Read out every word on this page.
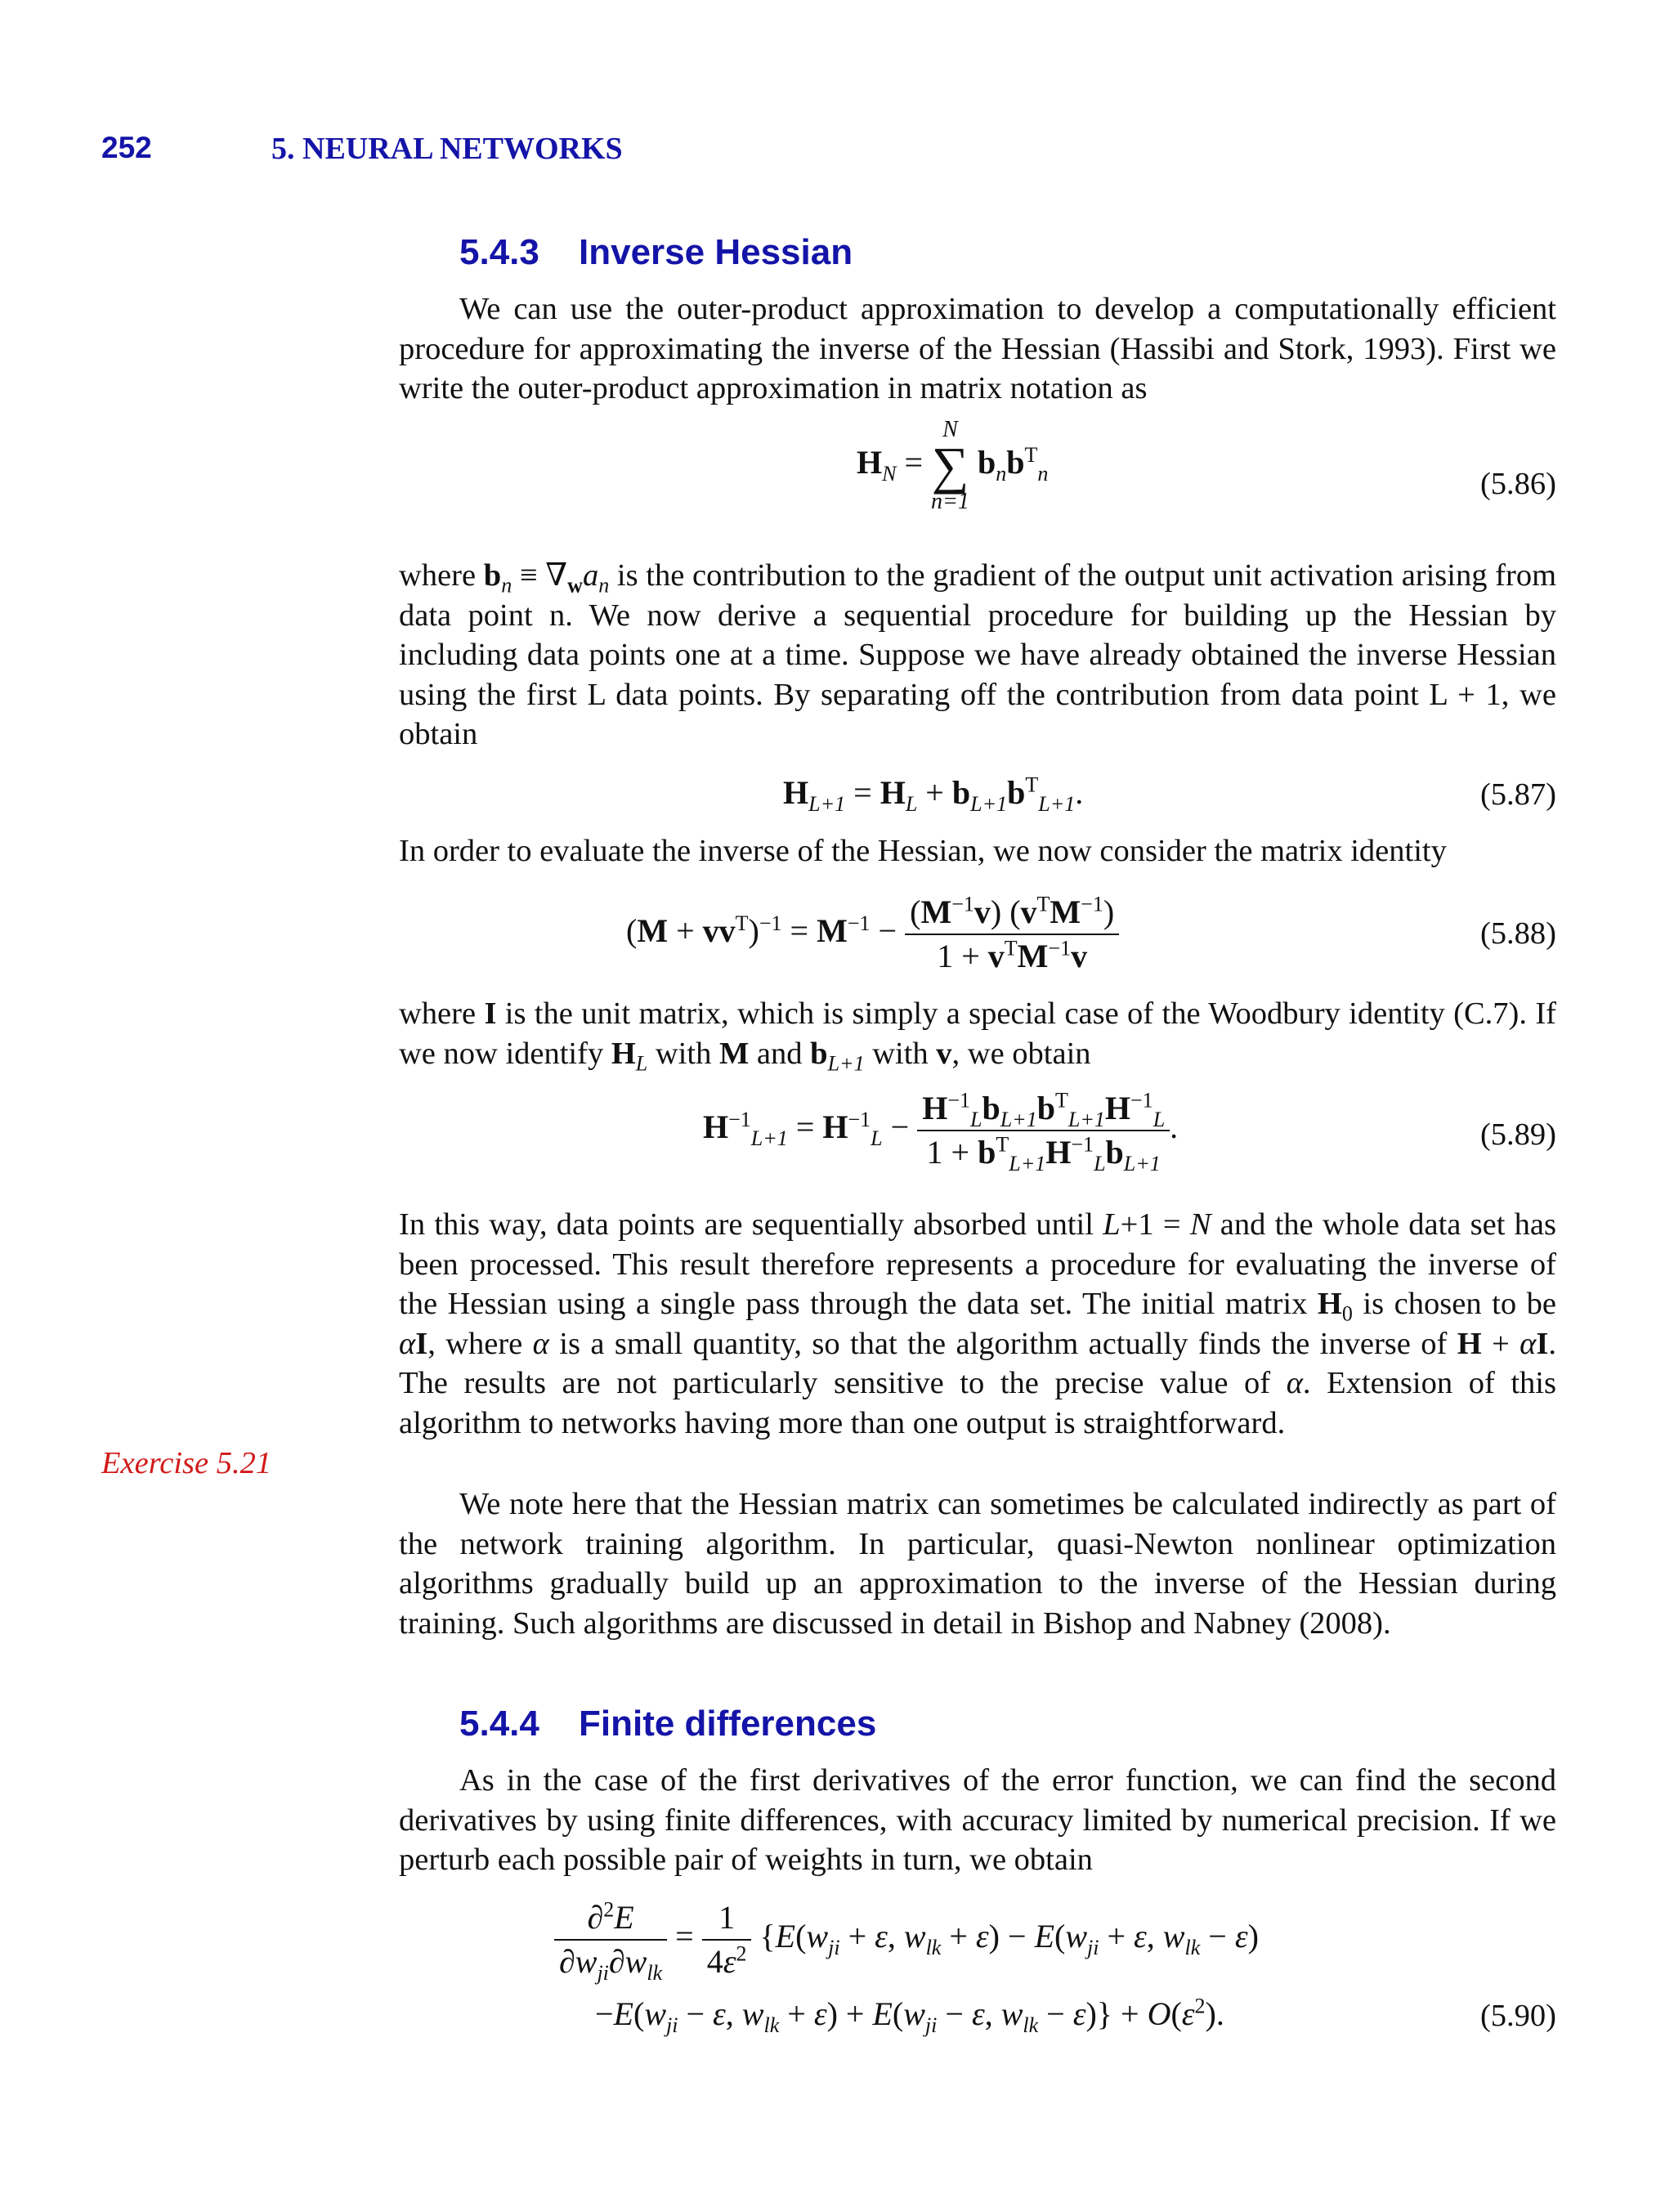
252	5. NEURAL NETWORKS
5.4.3 Inverse Hessian
We can use the outer-product approximation to develop a computationally efficient procedure for approximating the inverse of the Hessian (Hassibi and Stork, 1993). First we write the outer-product approximation in matrix notation as
$H_N$ =
N
∑
n=1
$b_nb^T_n$	(5.86)
where $b_n \equiv \nabla_wa_n$ is the contribution to the gradient of the output unit activation arising from data point n. We now derive a sequential procedure for building up the Hessian by including data points one at a time. Suppose we have already obtained the inverse Hessian using the first L data points. By separating off the contribution from data point L + 1, we obtain
$H_{L+1} = H_L + b_{L+1}b^T_{L+1}$.	(5.87)
In order to evaluate the inverse of the Hessian, we now consider the matrix identity
$(M + vv^T)^{-1} = M^{-1} - \frac{(M^{-1}v) (v^TM^{-1})}{1 + v^TM^{-1}v}$	(5.88)
where I is the unit matrix, which is simply a special case of the Woodbury identity (C.7). If we now identify $H_L$ with M and $b_{L+1}$ with v, we obtain
$H^{-1}_{L+1} = H^{-1}_L - \frac{H^{-1}_Lb_{L+1}b^T_{L+1}H^{-1}_L}{1 + b^T_{L+1}H^{-1}_Lb_{L+1}}$ .	(5.89)
In this way, data points are sequentially absorbed until L+1 = N and the whole data set has been processed. This result therefore represents a procedure for evaluating the inverse of the Hessian using a single pass through the data set. The initial matrix $H_0$ is chosen to be αI, where α is a small quantity, so that the algorithm actually finds the inverse of H + αI. The results are not particularly sensitive to the precise value of α. Extension of this algorithm to networks having more than one output is straightforward.
Exercise 5.21
We note here that the Hessian matrix can sometimes be calculated indirectly as part of the network training algorithm. In particular, quasi-Newton nonlinear optimization algorithms gradually build up an approximation to the inverse of the Hessian during training. Such algorithms are discussed in detail in Bishop and Nabney (2008).
5.4.4 Finite differences
As in the case of the first derivatives of the error function, we can find the second derivatives by using finite differences, with accuracy limited by numerical precision. If we perturb each possible pair of weights in turn, we obtain
$\frac{\partial^2E}{\partial w_{ji}\partial w_{lk}} = \frac{1}{4\varepsilon^2} \{E(w_{ji} + \varepsilon$, $w_{lk} + \varepsilon) - E(w_{ji} + \varepsilon$, $w_{lk} - \varepsilon$)
$-E(w_{ji} - \varepsilon$, $w_{lk} + \varepsilon) + E(w_{ji} - \varepsilon$, $w_{lk} - \varepsilon)\} + O(\varepsilon^2)$.	(5.90)
